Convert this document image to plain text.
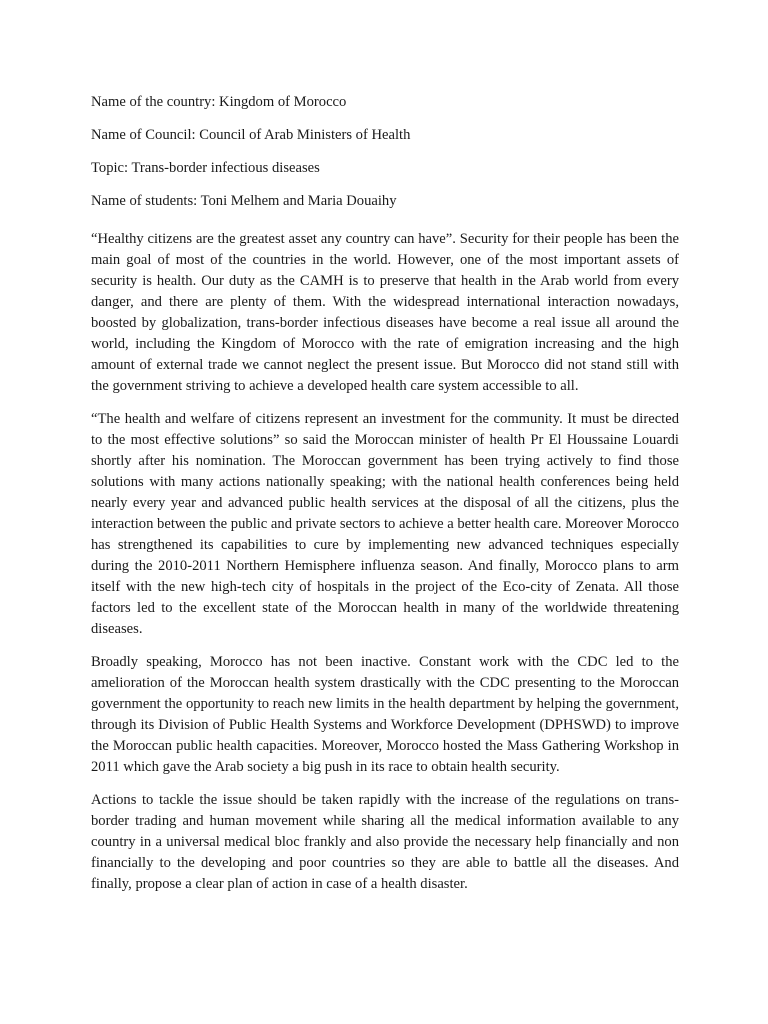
Name of the country: Kingdom of Morocco

Name of Council: Council of Arab Ministers of Health

Topic: Trans-border infectious diseases

Name of students: Toni Melhem and Maria Douaihy

“Healthy citizens are the greatest asset any country can have”. Security for their people has been the main goal of most of the countries in the world. However, one of the most important assets of security is health. Our duty as the CAMH is to preserve that health in the Arab world from every danger, and there are plenty of them. With the widespread international interaction nowadays, boosted by globalization, trans-border infectious diseases have become a real issue all around the world, including the Kingdom of Morocco with the rate of emigration increasing and the high amount of external trade we cannot neglect the present issue. But Morocco did not stand still with the government striving to achieve a developed health care system accessible to all.

“The health and welfare of citizens represent an investment for the community. It must be directed to the most effective solutions” so said the Moroccan minister of health Pr El Houssaine Louardi shortly after his nomination. The Moroccan government has been trying actively to find those solutions with many actions nationally speaking; with the national health conferences being held nearly every year and advanced public health services at the disposal of all the citizens, plus the interaction between the public and private sectors to achieve a better health care. Moreover Morocco has strengthened its capabilities to cure by implementing new advanced techniques especially during the 2010-2011 Northern Hemisphere influenza season. And finally, Morocco plans to arm itself with the new high-tech city of hospitals in the project of the Eco-city of Zenata. All those factors led to the excellent state of the Moroccan health in many of the worldwide threatening diseases.

Broadly speaking, Morocco has not been inactive. Constant work with the CDC led to the amelioration of the Moroccan health system drastically with the CDC presenting to the Moroccan government the opportunity to reach new limits in the health department by helping the government, through its Division of Public Health Systems and Workforce Development (DPHSWD) to improve the Moroccan public health capacities. Moreover, Morocco hosted the Mass Gathering Workshop in 2011 which gave the Arab society a big push in its race to obtain health security.

Actions to tackle the issue should be taken rapidly with the increase of the regulations on trans-border trading and human movement while sharing all the medical information available to any country in a universal medical bloc frankly and also provide the necessary help financially and non financially to the developing and poor countries so they are able to battle all the diseases. And finally, propose a clear plan of action in case of a health disaster.
